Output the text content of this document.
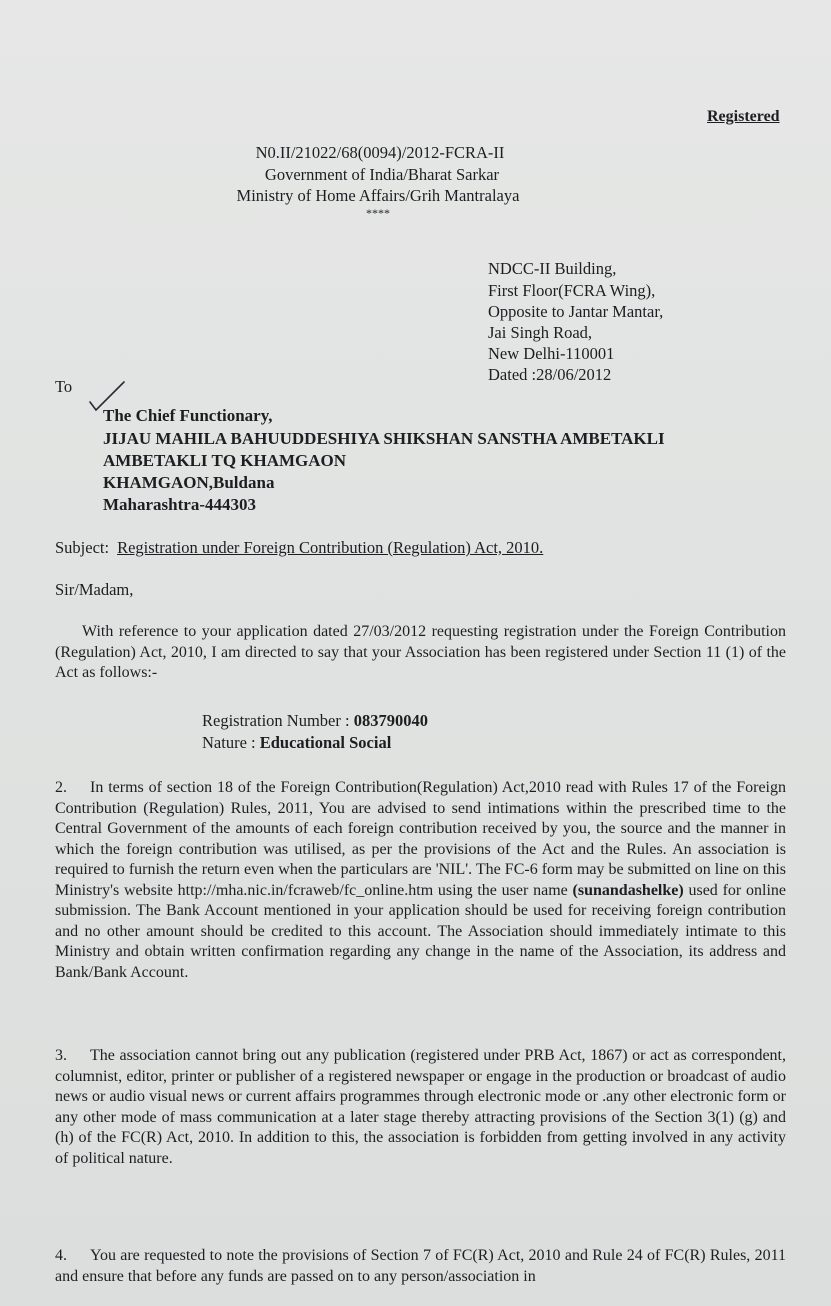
Registered
N0.II/21022/68(0094)/2012-FCRA-II
Government of India/Bharat Sarkar
Ministry of Home Affairs/Grih Mantralaya
****
NDCC-II Building,
First Floor(FCRA Wing),
Opposite to Jantar Mantar,
Jai Singh Road,
New Delhi-110001
Dated :28/06/2012
To
The Chief Functionary,
JIJAU MAHILA BAHUUDDESHIYA SHIKSHAN SANSTHA AMBETAKLI
AMBETAKLI TQ KHAMGAON
KHAMGAON,Buldana
Maharashtra-444303
Subject: Registration under Foreign Contribution (Regulation) Act, 2010.
Sir/Madam,
With reference to your application dated 27/03/2012 requesting registration under the Foreign Contribution (Regulation) Act, 2010, I am directed to say that your Association has been registered under Section 11 (1) of the Act as follows:-
Registration Number : 083790040
Nature : Educational Social
2. In terms of section 18 of the Foreign Contribution(Regulation) Act,2010 read with Rules 17 of the Foreign Contribution (Regulation) Rules, 2011, You are advised to send intimations within the prescribed time to the Central Government of the amounts of each foreign contribution received by you, the source and the manner in which the foreign contribution was utilised, as per the provisions of the Act and the Rules. An association is required to furnish the return even when the particulars are 'NIL'. The FC-6 form may be submitted on line on this Ministry's website http://mha.nic.in/fcraweb/fc_online.htm using the user name (sunandashelke) used for online submission. The Bank Account mentioned in your application should be used for receiving foreign contribution and no other amount should be credited to this account. The Association should immediately intimate to this Ministry and obtain written confirmation regarding any change in the name of the Association, its address and Bank/Bank Account.
3. The association cannot bring out any publication (registered under PRB Act, 1867) or act as correspondent, columnist, editor, printer or publisher of a registered newspaper or engage in the production or broadcast of audio news or audio visual news or current affairs programmes through electronic mode or .any other electronic form or any other mode of mass communication at a later stage thereby attracting provisions of the Section 3(1) (g) and (h) of the FC(R) Act, 2010. In addition to this, the association is forbidden from getting involved in any activity of political nature.
4. You are requested to note the provisions of Section 7 of FC(R) Act, 2010 and Rule 24 of FC(R) Rules, 2011 and ensure that before any funds are passed on to any person/association in
